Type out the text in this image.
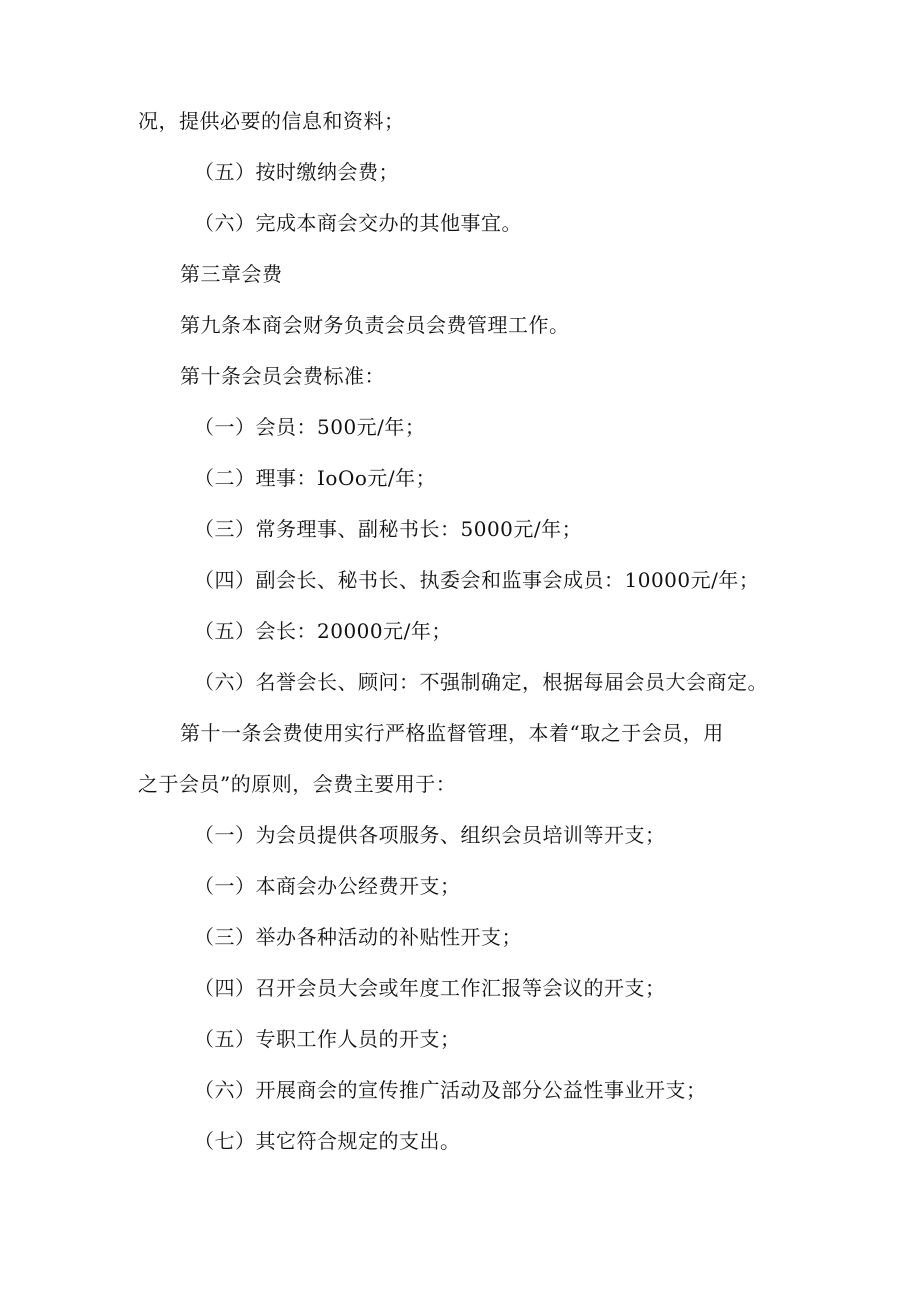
况，提供必要的信息和资料；
（五）按时缴纳会费；
（六）完成本商会交办的其他事宜。
第三章会费
第九条本商会财务负责会员会费管理工作。
第十条会员会费标准：
（一）会员：500元/年；
（二）理事：IoOo元/年；
（三）常务理事、副秘书长：5000元/年；
（四）副会长、秘书长、执委会和监事会成员：10000元/年；
（五）会长：20000元/年；
（六）名誉会长、顾问：不强制确定，根据每届会员大会商定。
第十一条会费使用实行严格监督管理，本着“取之于会员，用
之于会员”的原则，会费主要用于：
（一）为会员提供各项服务、组织会员培训等开支；
（一）本商会办公经费开支；
（三）举办各种活动的补贴性开支；
（四）召开会员大会或年度工作汇报等会议的开支；
（五）专职工作人员的开支；
（六）开展商会的宣传推广活动及部分公益性事业开支；
（七）其它符合规定的支出。
